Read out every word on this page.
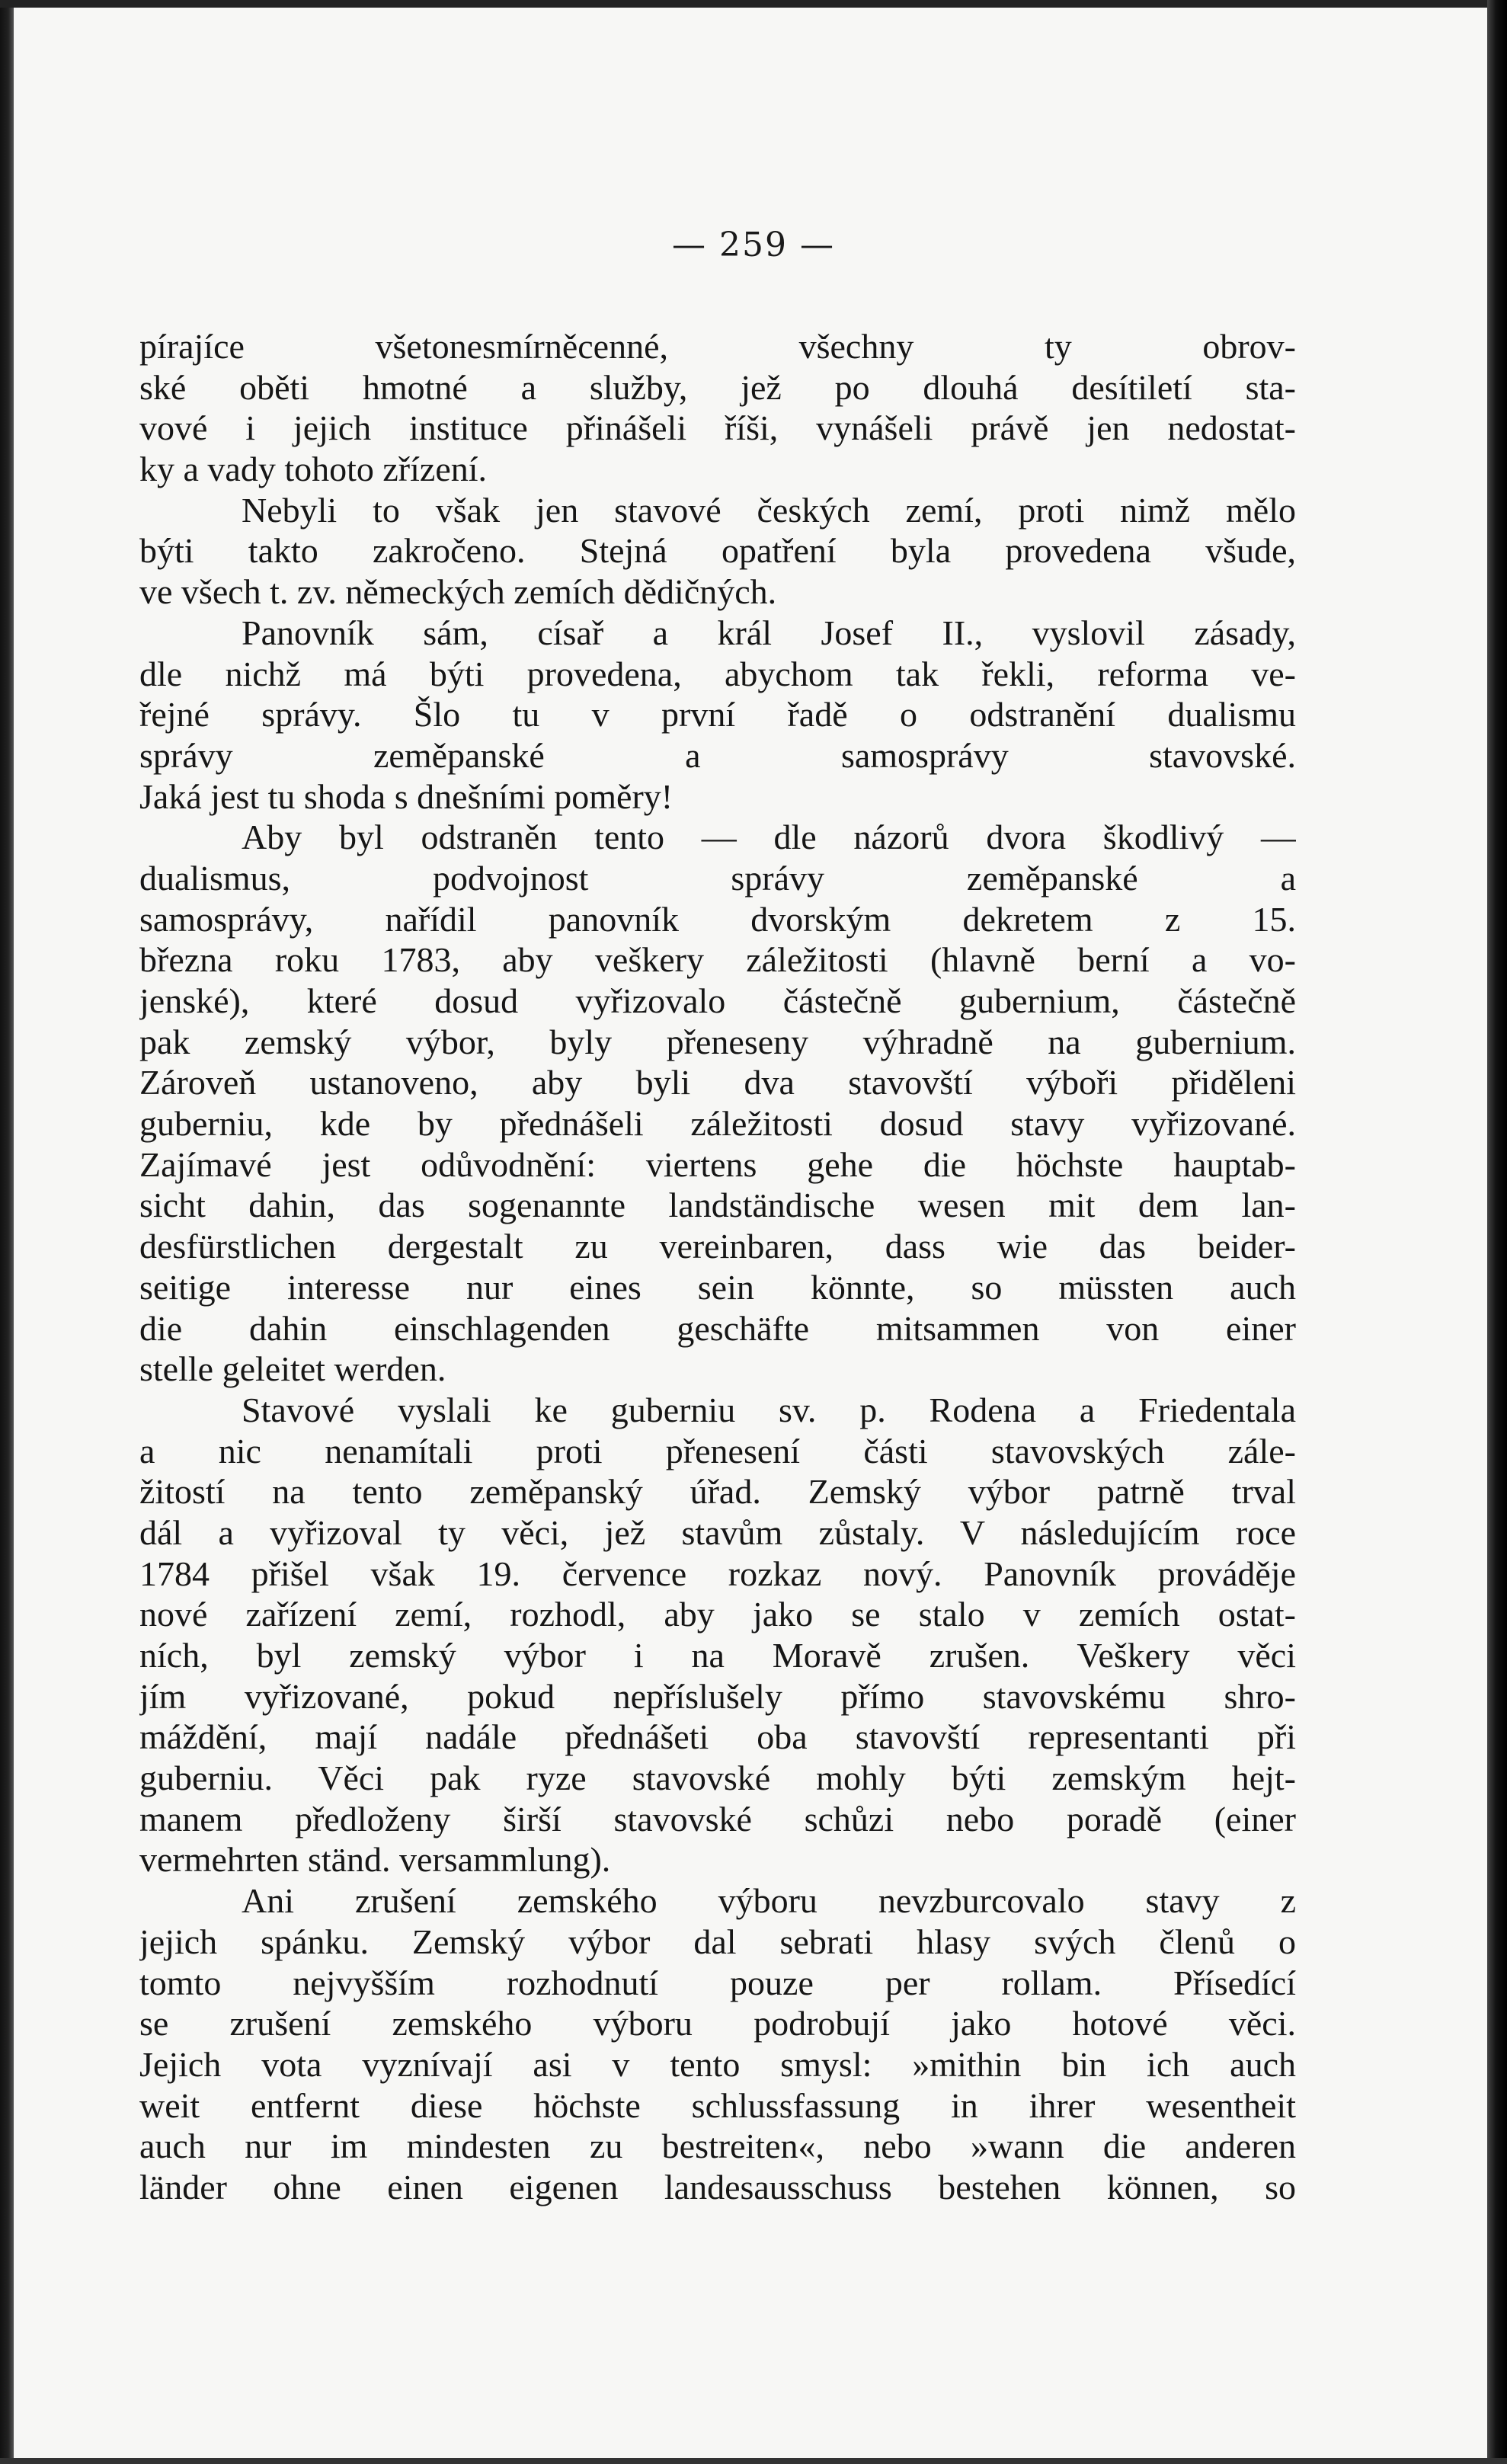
— 259 —
pírajíce všetonesmírněcenné, všechny ty obrov-
ské oběti hmotné a služby, jež po dlouhá desítiletí sta-
vové i jejich instituce přinášeli říši, vynášeli právě jen nedostat-
ky a vady tohoto zřízení.
Nebyli to však jen stavové českých zemí, proti nimž mělo
býti takto zakročeno. Stejná opatření byla provedena všude,
ve všech t. zv. německých zemích dědičných.
Panovník sám, císař a král Josef II., vyslovil zásady,
dle nichž má býti provedena, abychom tak řekli, reforma ve-
řejné správy. Šlo tu v první řadě o odstranění dualismu
správy zeměpanské a samosprávy stavovské.
Jaká jest tu shoda s dnešními poměry!
Aby byl odstraněn tento — dle názorů dvora škodlivý —
dualismus, podvojnost správy zeměpanské a
samosprávy, nařídil panovník dvorským dekretem z 15.
března roku 1783, aby veškery záležitosti (hlavně berní a vo-
jenské), které dosud vyřizovalo částečně gubernium, částečně
pak zemský výbor, byly přeneseny výhradně na gubernium.
Zároveň ustanoveno, aby byli dva stavovští výboři přiděleni
guberniu, kde by přednášeli záležitosti dosud stavy vyřizované.
Zajímavé jest odůvodnění: viertens gehe die höchste hauptab-
sicht dahin, das sogenannte landständische wesen mit dem lan-
desfürstlichen dergestalt zu vereinbaren, dass wie das beider-
seitige interesse nur eines sein könnte, so müssten auch
die dahin einschlagenden geschäfte mitsammen von einer
stelle geleitet werden.
Stavové vyslali ke guberniu sv. p. Rodena a Friedentala
a nic nenamítali proti přenesení části stavovských zále-
žitostí na tento zeměpanský úřad. Zemský výbor patrně trval
dál a vyřizoval ty věci, jež stavům zůstaly. V následujícím roce
1784 přišel však 19. července rozkaz nový. Panovník prováděje
nové zařízení zemí, rozhodl, aby jako se stalo v zemích ostat-
ních, byl zemský výbor i na Moravě zrušen. Veškery věci
jím vyřizované, pokud nepříslušely přímo stavovskému shro-
máždění, mají nadále přednášeti oba stavovští representanti při
guberniu. Věci pak ryze stavovské mohly býti zemským hejt-
manem předloženy širší stavovské schůzi nebo poradě (einer
vermehrten ständ. versammlung).
Ani zrušení zemského výboru nevzburcovalo stavy z
jejich spánku. Zemský výbor dal sebrati hlasy svých členů o
tomto nejvyšším rozhodnutí pouze per rollam. Přísedící
se zrušení zemského výboru podrobují jako hotové věci.
Jejich vota vyznívají asi v tento smysl: »mithin bin ich auch
weit entfernt diese höchste schlussfassung in ihrer wesentheit
auch nur im mindesten zu bestreiten«, nebo »wann die anderen
länder ohne einen eigenen landesausschuss bestehen können, so
